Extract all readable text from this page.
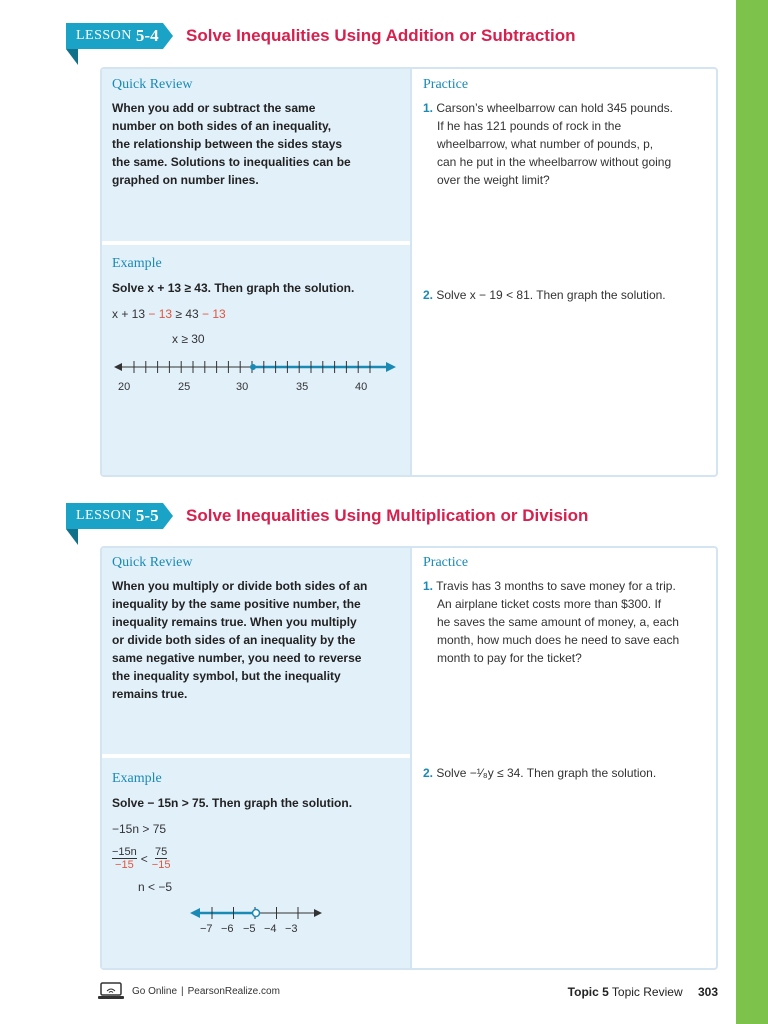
LESSON 5-4 Solve Inequalities Using Addition or Subtraction
Quick Review
When you add or subtract the same
number on both sides of an inequality,
the relationship between the sides stays
the same. Solutions to inequalities can be
graphed on number lines.
Example
Solve x + 13 ≥ 43. Then graph the solution.
x + 13 − 13 ≥ 43 − 13
x ≥ 30
20	25	30	35	40
Practice
1. Carson’s wheelbarrow can hold 345 pounds.
If he has 121 pounds of rock in the
wheelbarrow, what number of pounds, p,
can he put in the wheelbarrow without going
over the weight limit?
2. Solve x − 19 < 81. Then graph the solution.
LESSON 5-5 Solve Inequalities Using Multiplication or Division
Quick Review
When you multiply or divide both sides of an
inequality by the same positive number, the
inequality remains true. When you multiply
or divide both sides of an inequality by the
same negative number, you need to reverse
the inequality symbol, but the inequality
remains true.
Example
Solve − 15n > 75. Then graph the solution.
−15n > 75
−15n
−15 < 75
−15
n < −5
−7 −6 −5 −4 −3
Practice
1. Travis has 3 months to save money for a trip.
An airplane ticket costs more than $300. If
he saves the same amount of money, a, each
month, how much does he need to save each
month to pay for the ticket?
2. Solve −¹⁄₈y ≤ 34. Then graph the solution.
Go Online | PearsonRealize.com	Topic 5 Topic Review 303
